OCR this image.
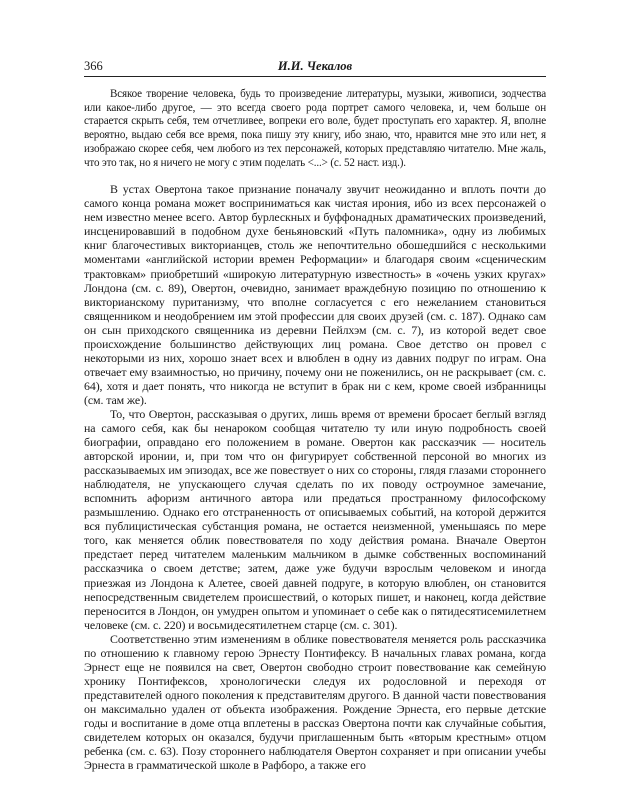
366	И.И. Чекалов

Всякое творение человека, будь то произведение литературы, музыки, живописи, зодчества или какое-либо другое, — это всегда своего рода портрет самого человека, и, чем больше он старается скрыть себя, тем отчетливее, вопреки его воле, будет проступать его характер. Я, вполне вероятно, выдаю себя все время, пока пишу эту книгу, ибо знаю, что, нравится мне это или нет, я изображаю скорее себя, чем любого из тех персонажей, которых представляю читателю. Мне жаль, что это так, но я ничего не могу с этим поделать <...> (с. 52 наст. изд.).

В устах Овертона такое признание поначалу звучит неожиданно и вплоть почти до самого конца романа может восприниматься как чистая ирония, ибо из всех персонажей о нем известно менее всего. Автор бурлескных и буффонадных драматических произведений, инсценировавший в подобном духе беньяновский «Путь паломника», одну из любимых книг благочестивых викторианцев, столь же непочтительно обошедшийся с несколькими моментами «английской истории времен Реформации» и благодаря своим «сценическим трактовкам» приобретший «широкую литературную известность» в «очень узких кругах» Лондона (см. с. 89), Овертон, очевидно, занимает враждебную позицию по отношению к викторианскому пуританизму, что вполне согласуется с его нежеланием становиться священником и неодобрением им этой профессии для своих друзей (см. с. 187). Однако сам он сын приходского священника из деревни Пейлхэм (см. с. 7), из которой ведет свое происхождение большинство действующих лиц романа. Свое детство он провел с некоторыми из них, хорошо знает всех и влюблен в одну из давних подруг по играм. Она отвечает ему взаимностью, но причину, почему они не поженились, он не раскрывает (см. с. 64), хотя и дает понять, что никогда не вступит в брак ни с кем, кроме своей избранницы (см. там же).

То, что Овертон, рассказывая о других, лишь время от времени бросает беглый взгляд на самого себя, как бы ненароком сообщая читателю ту или иную подробность своей биографии, оправдано его положением в романе. Овертон как рассказчик — носитель авторской иронии, и, при том что он фигурирует собственной персоной во многих из рассказываемых им эпизодах, все же повествует о них со стороны, глядя глазами стороннего наблюдателя, не упускающего случая сделать по их поводу остроумное замечание, вспомнить афоризм античного автора или предаться пространному философскому размышлению. Однако его отстраненность от описываемых событий, на которой держится вся публицистическая субстанция романа, не остается неизменной, уменьшаясь по мере того, как меняется облик повествователя по ходу действия романа. Вначале Овертон предстает перед читателем маленьким мальчиком в дымке собственных воспоминаний рассказчика о своем детстве; затем, даже уже будучи взрослым человеком и иногда приезжая из Лондона к Алетее, своей давней подруге, в которую влюблен, он становится непосредственным свидетелем происшествий, о которых пишет, и наконец, когда действие переносится в Лондон, он умудрен опытом и упоминает о себе как о пятидесятисемилетнем человеке (см. с. 220) и восьмидесятилетнем старце (см. с. 301).

Соответственно этим изменениям в облике повествователя меняется роль рассказчика по отношению к главному герою Эрнесту Понтифексу. В начальных главах романа, когда Эрнест еще не появился на свет, Овертон свободно строит повествование как семейную хронику Понтифексов, хронологически следуя их родословной и переходя от представителей одного поколения к представителям другого. В данной части повествования он максимально удален от объекта изображения. Рождение Эрнеста, его первые детские годы и воспитание в доме отца вплетены в рассказ Овертона почти как случайные события, свидетелем которых он оказался, будучи приглашенным быть «вторым крестным» отцом ребенка (см. с. 63). Позу стороннего наблюдателя Овертон сохраняет и при описании учебы Эрнеста в грамматической школе в Рафборо, а также его
